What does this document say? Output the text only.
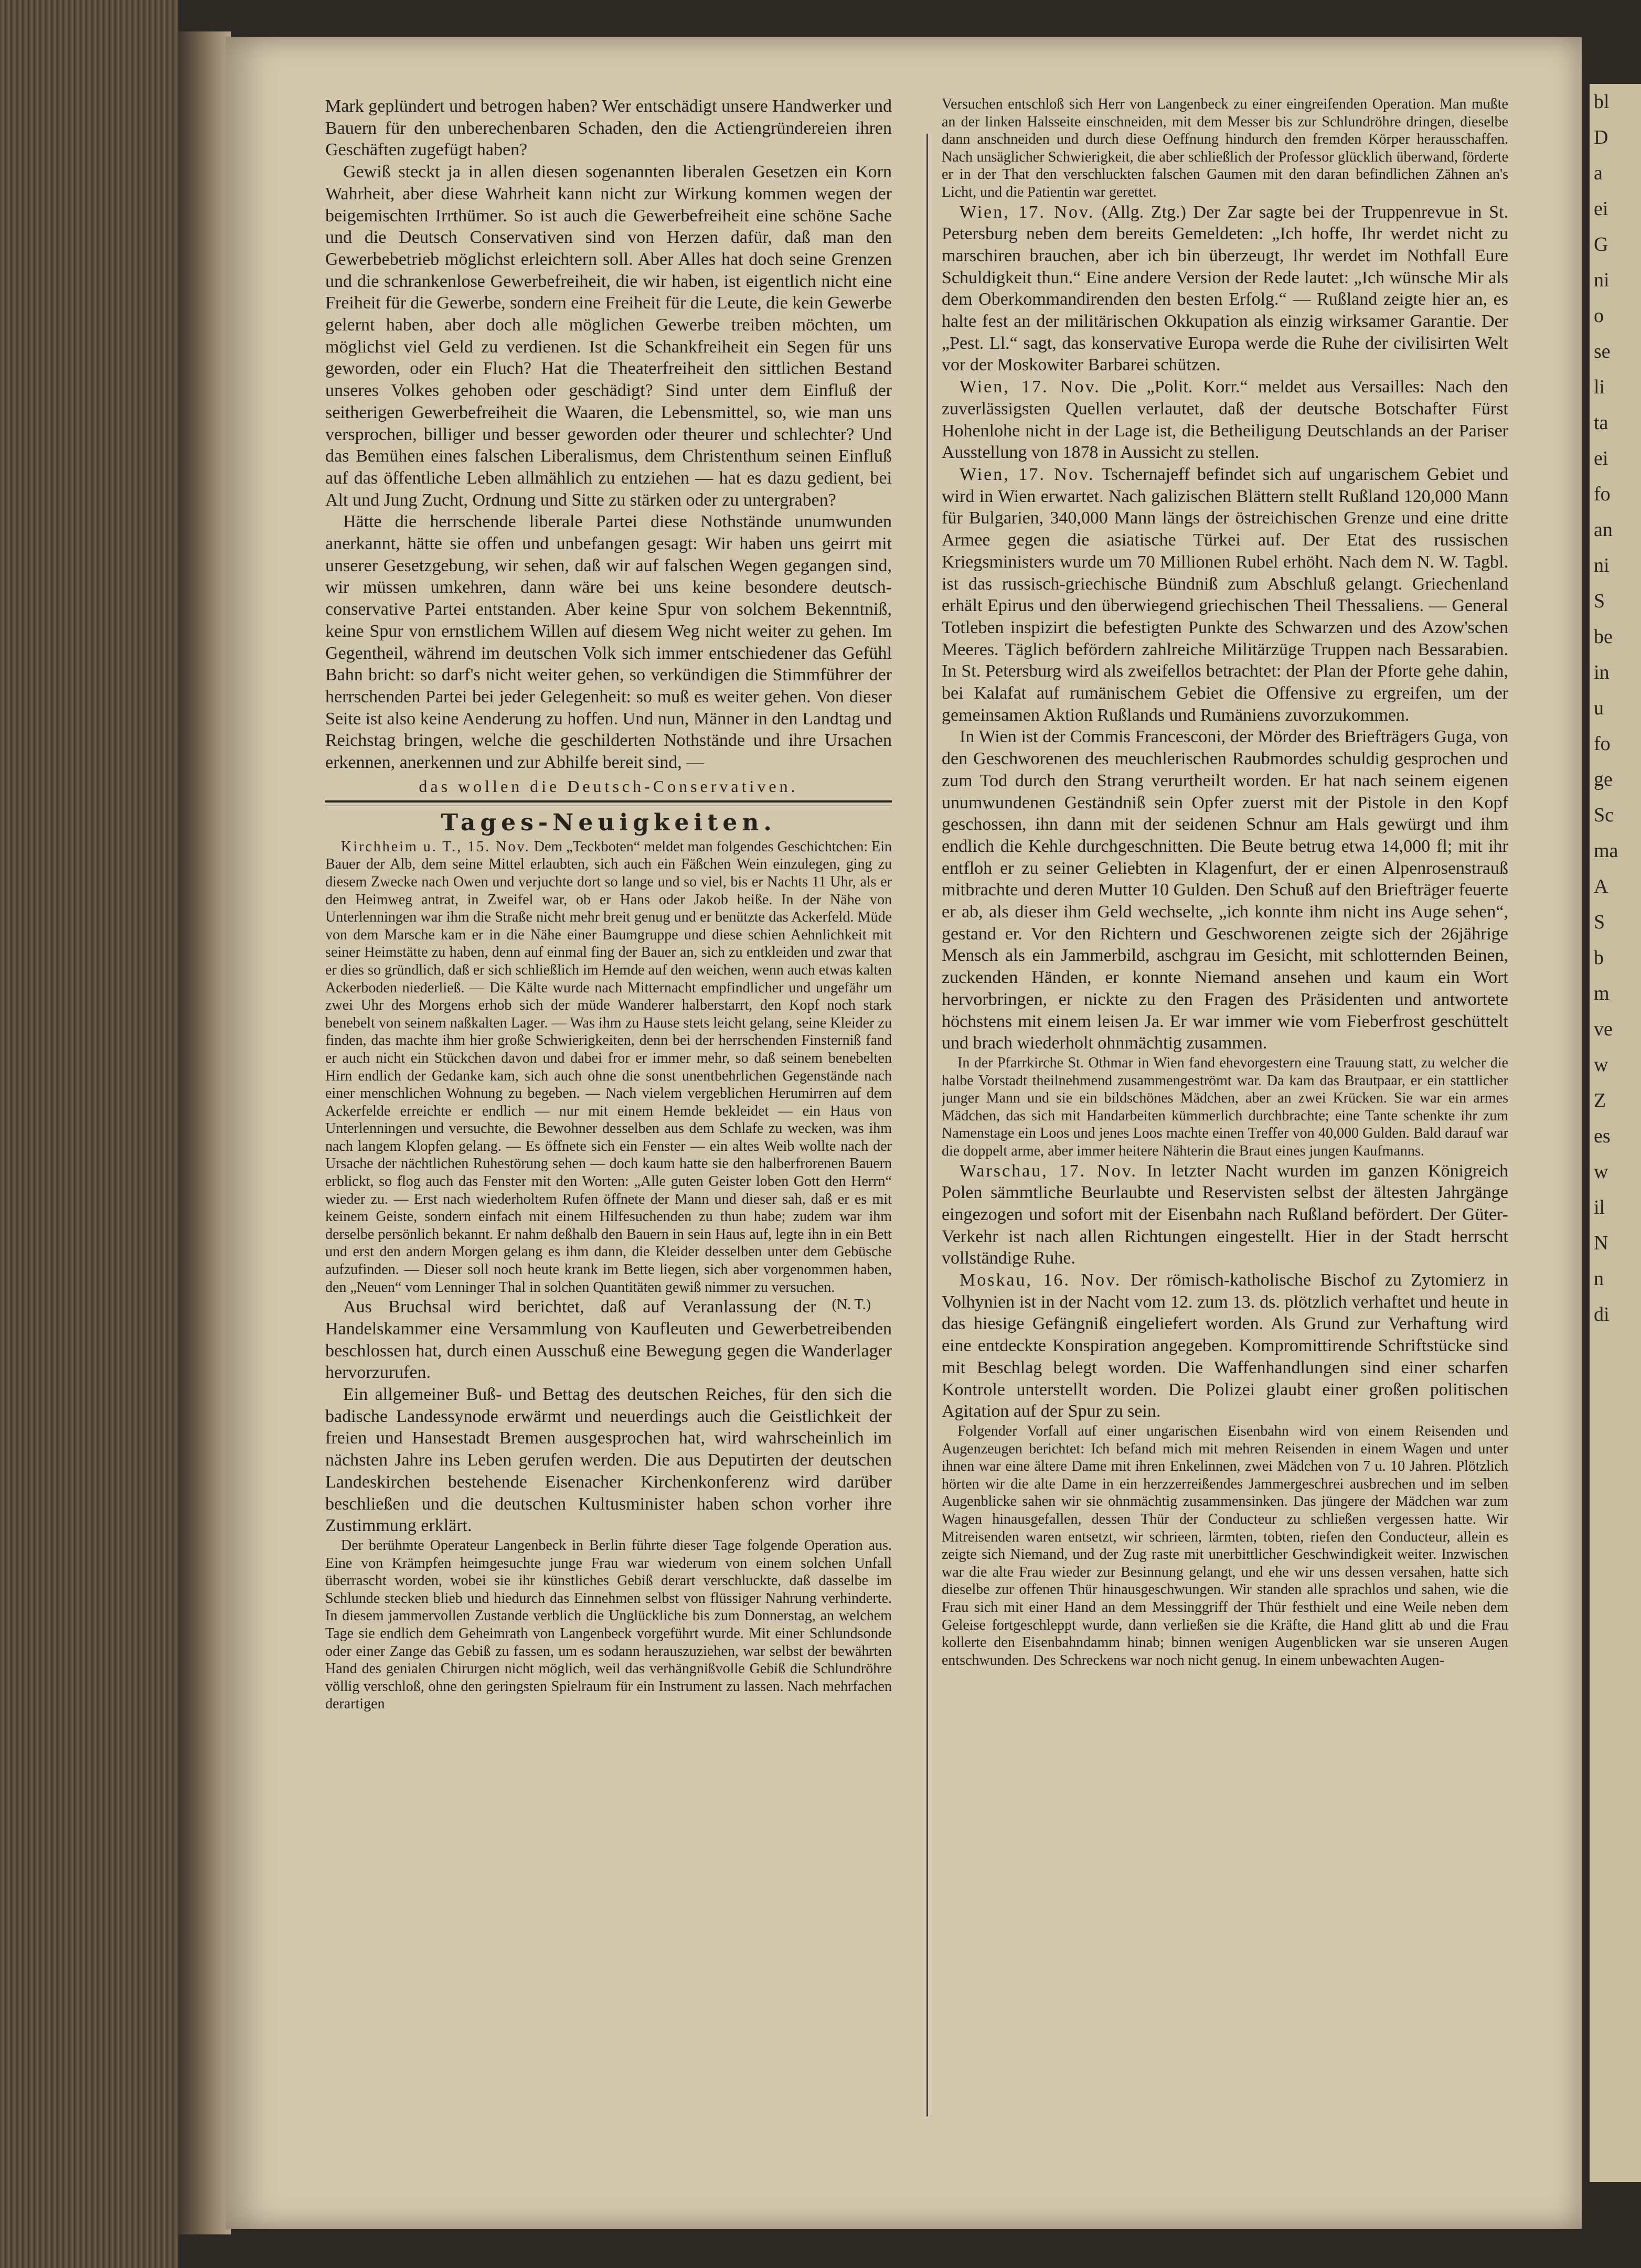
bl
D
a
ei
G
ni
o
se
li
ta
ei
fo
an
ni
S
be
in
u
fo
ge
Sc
ma
A
S
b
m
ve
w
Z
es
w
il
N
n
di

Mark geplündert und betrogen haben? Wer entschädigt unsere Handwerker und Bauern für den unberechenbaren Schaden, den die Actiengründereien ihren Geschäften zugefügt haben?

Gewiß steckt ja in allen diesen sogenannten liberalen Gesetzen ein Korn Wahrheit, aber diese Wahrheit kann nicht zur Wirkung kommen wegen der beigemischten Irrthümer. So ist auch die Gewerbefreiheit eine schöne Sache und die Deutsch Conservativen sind von Herzen dafür, daß man den Gewerbebetrieb möglichst erleichtern soll. Aber Alles hat doch seine Grenzen und die schrankenlose Gewerbefreiheit, die wir haben, ist eigentlich nicht eine Freiheit für die Gewerbe, sondern eine Freiheit für die Leute, die kein Gewerbe gelernt haben, aber doch alle möglichen Gewerbe treiben möchten, um möglichst viel Geld zu verdienen. Ist die Schankfreiheit ein Segen für uns geworden, oder ein Fluch? Hat die Theaterfreiheit den sittlichen Bestand unseres Volkes gehoben oder geschädigt? Sind unter dem Einfluß der seitherigen Gewerbefreiheit die Waaren, die Lebensmittel, so, wie man uns versprochen, billiger und besser geworden oder theurer und schlechter? Und das Bemühen eines falschen Liberalismus, dem Christenthum seinen Einfluß auf das öffentliche Leben allmählich zu entziehen — hat es dazu gedient, bei Alt und Jung Zucht, Ordnung und Sitte zu stärken oder zu untergraben?

Hätte die herrschende liberale Partei diese Nothstände unumwunden anerkannt, hätte sie offen und unbefangen gesagt: Wir haben uns geirrt mit unserer Gesetzgebung, wir sehen, daß wir auf falschen Wegen gegangen sind, wir müssen umkehren, dann wäre bei uns keine besondere deutsch-conservative Partei entstanden. Aber keine Spur von solchem Bekenntniß, keine Spur von ernstlichem Willen auf diesem Weg nicht weiter zu gehen. Im Gegentheil, während im deutschen Volk sich immer entschiedener das Gefühl Bahn bricht: so darf's nicht weiter gehen, so verkündigen die Stimmführer der herrschenden Partei bei jeder Gelegenheit: so muß es weiter gehen. Von dieser Seite ist also keine Aenderung zu hoffen. Und nun, Männer in den Landtag und Reichstag bringen, welche die geschilderten Nothstände und ihre Ursachen erkennen, anerkennen und zur Abhilfe bereit sind, —

das wollen die Deutsch-Conservativen.
Tages-Neuigkeiten.

Kirchheim u. T., 15. Nov. Dem „Teckboten“ meldet man folgendes Geschichtchen: Ein Bauer der Alb, dem seine Mittel erlaubten, sich auch ein Fäßchen Wein einzulegen, ging zu diesem Zwecke nach Owen und verjuchte dort so lange und so viel, bis er Nachts 11 Uhr, als er den Heimweg antrat, in Zweifel war, ob er Hans oder Jakob heiße. In der Nähe von Unterlenningen war ihm die Straße nicht mehr breit genug und er benützte das Ackerfeld. Müde von dem Marsche kam er in die Nähe einer Baumgruppe und diese schien Aehnlichkeit mit seiner Heimstätte zu haben, denn auf einmal fing der Bauer an, sich zu entkleiden und zwar that er dies so gründlich, daß er sich schließlich im Hemde auf den weichen, wenn auch etwas kalten Ackerboden niederließ. — Die Kälte wurde nach Mitternacht empfindlicher und ungefähr um zwei Uhr des Morgens erhob sich der müde Wanderer halberstarrt, den Kopf noch stark benebelt von seinem naßkalten Lager. — Was ihm zu Hause stets leicht gelang, seine Kleider zu finden, das machte ihm hier große Schwierigkeiten, denn bei der herrschenden Finsterniß fand er auch nicht ein Stückchen davon und dabei fror er immer mehr, so daß seinem benebelten Hirn endlich der Gedanke kam, sich auch ohne die sonst unentbehrlichen Gegenstände nach einer menschlichen Wohnung zu begeben. — Nach vielem vergeblichen Herumirren auf dem Ackerfelde erreichte er endlich — nur mit einem Hemde bekleidet — ein Haus von Unterlenningen und versuchte, die Bewohner desselben aus dem Schlafe zu wecken, was ihm nach langem Klopfen gelang. — Es öffnete sich ein Fenster — ein altes Weib wollte nach der Ursache der nächtlichen Ruhestörung sehen — doch kaum hatte sie den halberfrorenen Bauern erblickt, so flog auch das Fenster mit den Worten: „Alle guten Geister loben Gott den Herrn“ wieder zu. — Erst nach wiederholtem Rufen öffnete der Mann und dieser sah, daß er es mit keinem Geiste, sondern einfach mit einem Hilfesuchenden zu thun habe; zudem war ihm derselbe persönlich bekannt. Er nahm deßhalb den Bauern in sein Haus auf, legte ihn in ein Bett und erst den andern Morgen gelang es ihm dann, die Kleider desselben unter dem Gebüsche aufzufinden. — Dieser soll noch heute krank im Bette liegen, sich aber vorgenommen haben, den „Neuen“ vom Lenninger Thal in solchen Quantitäten gewiß nimmer zu versuchen.
(N. T.)

Aus Bruchsal wird berichtet, daß auf Veranlassung der Handelskammer eine Versammlung von Kaufleuten und Gewerbetreibenden beschlossen hat, durch einen Ausschuß eine Bewegung gegen die Wanderlager hervorzurufen.

Ein allgemeiner Buß- und Bettag des deutschen Reiches, für den sich die badische Landessynode erwärmt und neuerdings auch die Geistlichkeit der freien und Hansestadt Bremen ausgesprochen hat, wird wahrscheinlich im nächsten Jahre ins Leben gerufen werden. Die aus Deputirten der deutschen Landeskirchen bestehende Eisenacher Kirchenkonferenz wird darüber beschließen und die deutschen Kultusminister haben schon vorher ihre Zustimmung erklärt.

Der berühmte Operateur Langenbeck in Berlin führte dieser Tage folgende Operation aus. Eine von Krämpfen heimgesuchte junge Frau war wiederum von einem solchen Unfall überrascht worden, wobei sie ihr künstliches Gebiß derart verschluckte, daß dasselbe im Schlunde stecken blieb und hiedurch das Einnehmen selbst von flüssiger Nahrung verhinderte. In diesem jammervollen Zustande verblich die Unglückliche bis zum Donnerstag, an welchem Tage sie endlich dem Geheimrath von Langenbeck vorgeführt wurde. Mit einer Schlundsonde oder einer Zange das Gebiß zu fassen, um es sodann herauszuziehen, war selbst der bewährten Hand des genialen Chirurgen nicht möglich, weil das verhängnißvolle Gebiß die Schlundröhre völlig verschloß, ohne den geringsten Spielraum für ein Instrument zu lassen. Nach mehrfachen derartigen

Versuchen entschloß sich Herr von Langenbeck zu einer eingreifenden Operation. Man mußte an der linken Halsseite einschneiden, mit dem Messer bis zur Schlundröhre dringen, dieselbe dann anschneiden und durch diese Oeffnung hindurch den fremden Körper herausschaffen. Nach unsäglicher Schwierigkeit, die aber schließlich der Professor glücklich überwand, förderte er in der That den verschluckten falschen Gaumen mit den daran befindlichen Zähnen an's Licht, und die Patientin war gerettet.

Wien, 17. Nov. (Allg. Ztg.) Der Zar sagte bei der Truppenrevue in St. Petersburg neben dem bereits Gemeldeten: „Ich hoffe, Ihr werdet nicht zu marschiren brauchen, aber ich bin überzeugt, Ihr werdet im Nothfall Eure Schuldigkeit thun.“ Eine andere Version der Rede lautet: „Ich wünsche Mir als dem Oberkommandirenden den besten Erfolg.“ — Rußland zeigte hier an, es halte fest an der militärischen Okkupation als einzig wirksamer Garantie. Der „Pest. Ll.“ sagt, das konservative Europa werde die Ruhe der civilisirten Welt vor der Moskowiter Barbarei schützen.

Wien, 17. Nov. Die „Polit. Korr.“ meldet aus Versailles: Nach den zuverlässigsten Quellen verlautet, daß der deutsche Botschafter Fürst Hohenlohe nicht in der Lage ist, die Betheiligung Deutschlands an der Pariser Ausstellung von 1878 in Aussicht zu stellen.

Wien, 17. Nov. Tschernajeff befindet sich auf ungarischem Gebiet und wird in Wien erwartet. Nach galizischen Blättern stellt Rußland 120,000 Mann für Bulgarien, 340,000 Mann längs der östreichischen Grenze und eine dritte Armee gegen die asiatische Türkei auf. Der Etat des russischen Kriegsministers wurde um 70 Millionen Rubel erhöht. Nach dem N. W. Tagbl. ist das russisch-griechische Bündniß zum Abschluß gelangt. Griechenland erhält Epirus und den überwiegend griechischen Theil Thessaliens. — General Totleben inspizirt die befestigten Punkte des Schwarzen und des Azow'schen Meeres. Täglich befördern zahlreiche Militärzüge Truppen nach Bessarabien. In St. Petersburg wird als zweifellos betrachtet: der Plan der Pforte gehe dahin, bei Kalafat auf rumänischem Gebiet die Offensive zu ergreifen, um der gemeinsamen Aktion Rußlands und Rumäniens zuvorzukommen.

In Wien ist der Commis Francesconi, der Mörder des Briefträgers Guga, von den Geschworenen des meuchlerischen Raubmordes schuldig gesprochen und zum Tod durch den Strang verurtheilt worden. Er hat nach seinem eigenen unumwundenen Geständniß sein Opfer zuerst mit der Pistole in den Kopf geschossen, ihn dann mit der seidenen Schnur am Hals gewürgt und ihm endlich die Kehle durchgeschnitten. Die Beute betrug etwa 14,000 fl; mit ihr entfloh er zu seiner Geliebten in Klagenfurt, der er einen Alpenrosenstrauß mitbrachte und deren Mutter 10 Gulden. Den Schuß auf den Briefträger feuerte er ab, als dieser ihm Geld wechselte, „ich konnte ihm nicht ins Auge sehen“, gestand er. Vor den Richtern und Geschworenen zeigte sich der 26jährige Mensch als ein Jammerbild, aschgrau im Gesicht, mit schlotternden Beinen, zuckenden Händen, er konnte Niemand ansehen und kaum ein Wort hervorbringen, er nickte zu den Fragen des Präsidenten und antwortete höchstens mit einem leisen Ja. Er war immer wie vom Fieberfrost geschüttelt und brach wiederholt ohnmächtig zusammen.

In der Pfarrkirche St. Othmar in Wien fand ehevorgestern eine Trauung statt, zu welcher die halbe Vorstadt theilnehmend zusammengeströmt war. Da kam das Brautpaar, er ein stattlicher junger Mann und sie ein bildschönes Mädchen, aber an zwei Krücken. Sie war ein armes Mädchen, das sich mit Handarbeiten kümmerlich durchbrachte; eine Tante schenkte ihr zum Namenstage ein Loos und jenes Loos machte einen Treffer von 40,000 Gulden. Bald darauf war die doppelt arme, aber immer heitere Nähterin die Braut eines jungen Kaufmanns.

Warschau, 17. Nov. In letzter Nacht wurden im ganzen Königreich Polen sämmtliche Beurlaubte und Reservisten selbst der ältesten Jahrgänge eingezogen und sofort mit der Eisenbahn nach Rußland befördert. Der Güter-Verkehr ist nach allen Richtungen eingestellt. Hier in der Stadt herrscht vollständige Ruhe.

Moskau, 16. Nov. Der römisch-katholische Bischof zu Zytomierz in Volhynien ist in der Nacht vom 12. zum 13. ds. plötzlich verhaftet und heute in das hiesige Gefängniß eingeliefert worden. Als Grund zur Verhaftung wird eine entdeckte Konspiration angegeben. Kompromittirende Schriftstücke sind mit Beschlag belegt worden. Die Waffenhandlungen sind einer scharfen Kontrole unterstellt worden. Die Polizei glaubt einer großen politischen Agitation auf der Spur zu sein.

Folgender Vorfall auf einer ungarischen Eisenbahn wird von einem Reisenden und Augenzeugen berichtet: Ich befand mich mit mehren Reisenden in einem Wagen und unter ihnen war eine ältere Dame mit ihren Enkelinnen, zwei Mädchen von 7 u. 10 Jahren. Plötzlich hörten wir die alte Dame in ein herzzerreißendes Jammergeschrei ausbrechen und im selben Augenblicke sahen wir sie ohnmächtig zusammensinken. Das jüngere der Mädchen war zum Wagen hinausgefallen, dessen Thür der Conducteur zu schließen vergessen hatte. Wir Mitreisenden waren entsetzt, wir schrieen, lärmten, tobten, riefen den Conducteur, allein es zeigte sich Niemand, und der Zug raste mit unerbittlicher Geschwindigkeit weiter. Inzwischen war die alte Frau wieder zur Besinnung gelangt, und ehe wir uns dessen versahen, hatte sich dieselbe zur offenen Thür hinausgeschwungen. Wir standen alle sprachlos und sahen, wie die Frau sich mit einer Hand an dem Messinggriff der Thür festhielt und eine Weile neben dem Geleise fortgeschleppt wurde, dann verließen sie die Kräfte, die Hand glitt ab und die Frau kollerte den Eisenbahndamm hinab; binnen wenigen Augenblicken war sie unseren Augen entschwunden. Des Schreckens war noch nicht genug. In einem unbewachten Augen-
